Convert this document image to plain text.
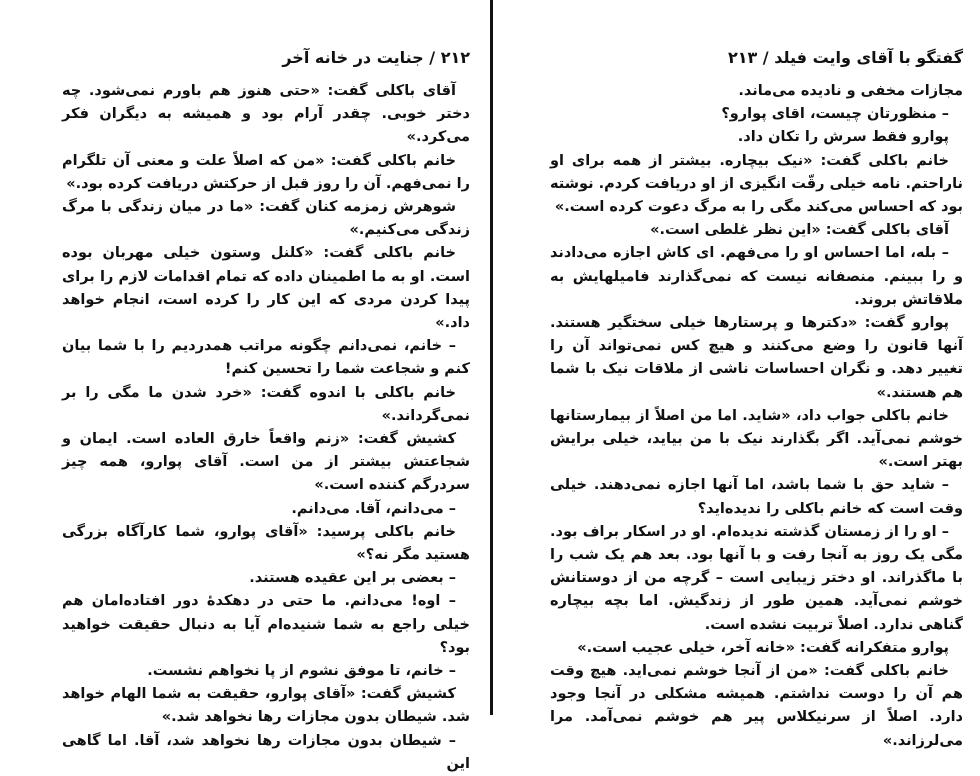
۲۱۲ / جنایت در خانه آخر

آقای باکلی گفت: «حتی هنوز هم باورم نمی‌شود. چه دختر خوبی. چقدر آرام بود و همیشه به دیگران فکر می‌کرد.»

خانم باکلی گفت: «من که اصلاً علت و معنی آن تلگرام را نمی‌فهم. آن را روز قبل از حرکتش دریافت کرده بود.»

شوهرش زمزمه کنان گفت: «ما در میان زندگی با مرگ زندگی می‌کنیم.»

خانم باکلی گفت: «کلنل وستون خیلی مهربان بوده است. او به ما اطمینان داده که تمام اقدامات لازم را برای پیدا کردن مردی که این کار را کرده است، انجام خواهد داد.»

– خانم، نمی‌دانم چگونه مراتب همدردیم را با شما بیان کنم و شجاعت شما را تحسین کنم!

خانم باکلی با اندوه گفت: «خرد شدن ما مگی را بر نمی‌گرداند.»

کشیش گفت: «زنم واقعاً خارق العاده است. ایمان و شجاعتش بیشتر از من است. آقای پوارو، همه چیز سردرگم کننده است.»

– می‌دانم، آقا. می‌دانم.

خانم باکلی پرسید: «آقای پوارو، شما کارآگاه بزرگی هستید مگر نه؟»

– بعضی بر این عقیده هستند.

– اوه! می‌دانم. ما حتی در دهکدهٔ دور افتاده‌امان هم خیلی راجع به شما شنیده‌ام آیا به دنبال حقیقت خواهید بود؟

– خانم، تا موفق نشوم از پا نخواهم نشست.

کشیش گفت: «آقای پوارو، حقیقت به شما الهام خواهد شد. شیطان بدون مجازات رها نخواهد شد.»

– شیطان بدون مجازات رها نخواهد شد، آقا. اما گاهی این

گفتگو با آقای وایت فیلد / ۲۱۳

مجازات مخفی و نادیده می‌ماند.

– منظورتان چیست، اقای پوارو؟

پوارو فقط سرش را تکان داد.

خانم باکلی گفت: «نیک بیچاره. بیشتر از همه برای او ناراحتم. نامه خیلی رقّت انگیزی از او دریافت کردم. نوشته بود که احساس می‌کند مگی را به مرگ دعوت کرده است.»

آقای باکلی گفت: «این نظر غلطی است.»

– بله، اما احساس او را می‌فهم. ای کاش اجازه می‌دادند و را ببینم. منصفانه نیست که نمی‌گذارند فامیلهایش به ملاقاتش بروند.

پوارو گفت: «دکترها و پرستارها خیلی سختگیر هستند. آنها قانون را وضع می‌کنند و هیچ کس نمی‌تواند آن را تغییر دهد. و نگران احساسات ناشی از ملاقات نیک با شما هم هستند.»

خانم باکلی جواب داد، «شاید. اما من اصلاً از بیمارستانها خوشم نمی‌آید. اگر بگذارند نیک با من بیاید، خیلی برایش بهتر است.»

– شاید حق با شما باشد، اما آنها اجازه نمی‌دهند. خیلی وقت است که خانم باکلی را ندیده‌اید؟

– او را از زمستان گذشته ندیده‌ام. او در اسکار براف بود. مگی یک روز به آنجا رفت و با آنها بود. بعد هم یک شب را با ماگذراند. او دختر زیبایی است – گرچه من از دوستانش خوشم نمی‌آید. همین طور از زندگیش. اما بچه بیچاره گناهی ندارد. اصلاً تربیت نشده است.

پوارو متفکرانه گفت: «خانه آخر، خیلی عجیب است.»

خانم باکلی گفت: «من از آنجا خوشم نمی‌اید. هیچ وقت هم آن را دوست نداشتم. همیشه مشکلی در آنجا وجود دارد. اصلاً از سرنیکلاس پیر هم خوشم نمی‌آمد. مرا می‌لرزاند.»
